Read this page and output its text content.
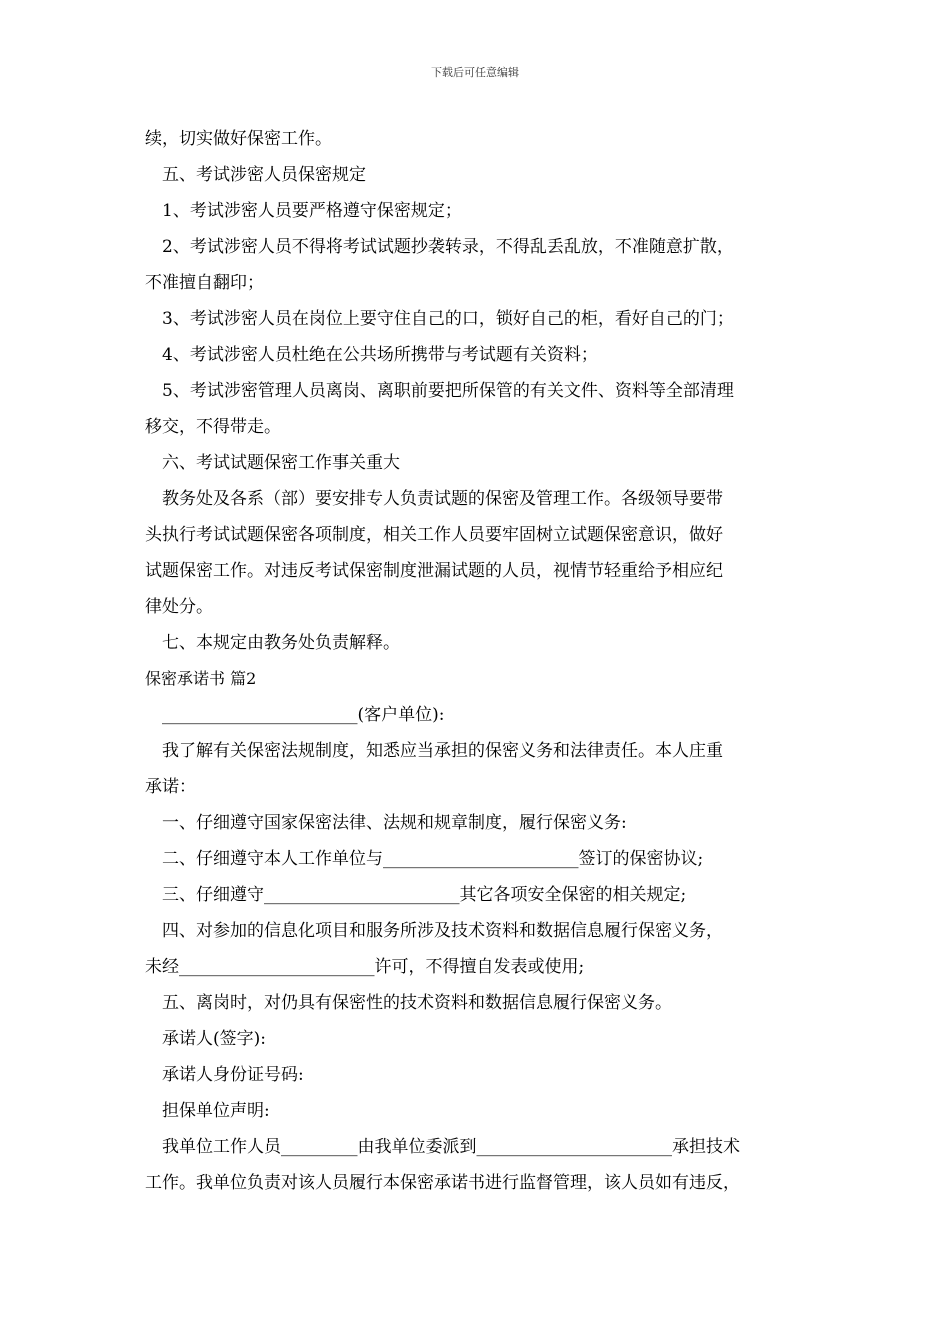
下载后可任意编辑

续，切实做好保密工作。

五、考试涉密人员保密规定

1、考试涉密人员要严格遵守保密规定；

2、考试涉密人员不得将考试试题抄袭转录，不得乱丢乱放，不准随意扩散，

不准擅自翻印；

3、考试涉密人员在岗位上要守住自己的口，锁好自己的柜，看好自己的门；

4、考试涉密人员杜绝在公共场所携带与考试题有关资料；

5、考试涉密管理人员离岗、离职前要把所保管的有关文件、资料等全部清理

移交，不得带走。

六、考试试题保密工作事关重大

教务处及各系（部）要安排专人负责试题的保密及管理工作。各级领导要带

头执行考试试题保密各项制度，相关工作人员要牢固树立试题保密意识，做好

试题保密工作。对违反考试保密制度泄漏试题的人员，视情节轻重给予相应纪

律处分。

七、本规定由教务处负责解释。

保密承诺书 篇2

_______________________(客户单位):

我了解有关保密法规制度，知悉应当承担的保密义务和法律责任。本人庄重

承诺：

一、仔细遵守国家保密法律、法规和规章制度，履行保密义务:

二、仔细遵守本人工作单位与_______________________签订的保密协议;

三、仔细遵守_______________________其它各项安全保密的相关规定;

四、对参加的信息化项目和服务所涉及技术资料和数据信息履行保密义务，

未经_______________________许可，不得擅自发表或使用;

五、离岗时，对仍具有保密性的技术资料和数据信息履行保密义务。

承诺人(签字):

承诺人身份证号码:

担保单位声明:

我单位工作人员_________由我单位委派到_______________________承担技术

工作。我单位负责对该人员履行本保密承诺书进行监督管理，该人员如有违反，
